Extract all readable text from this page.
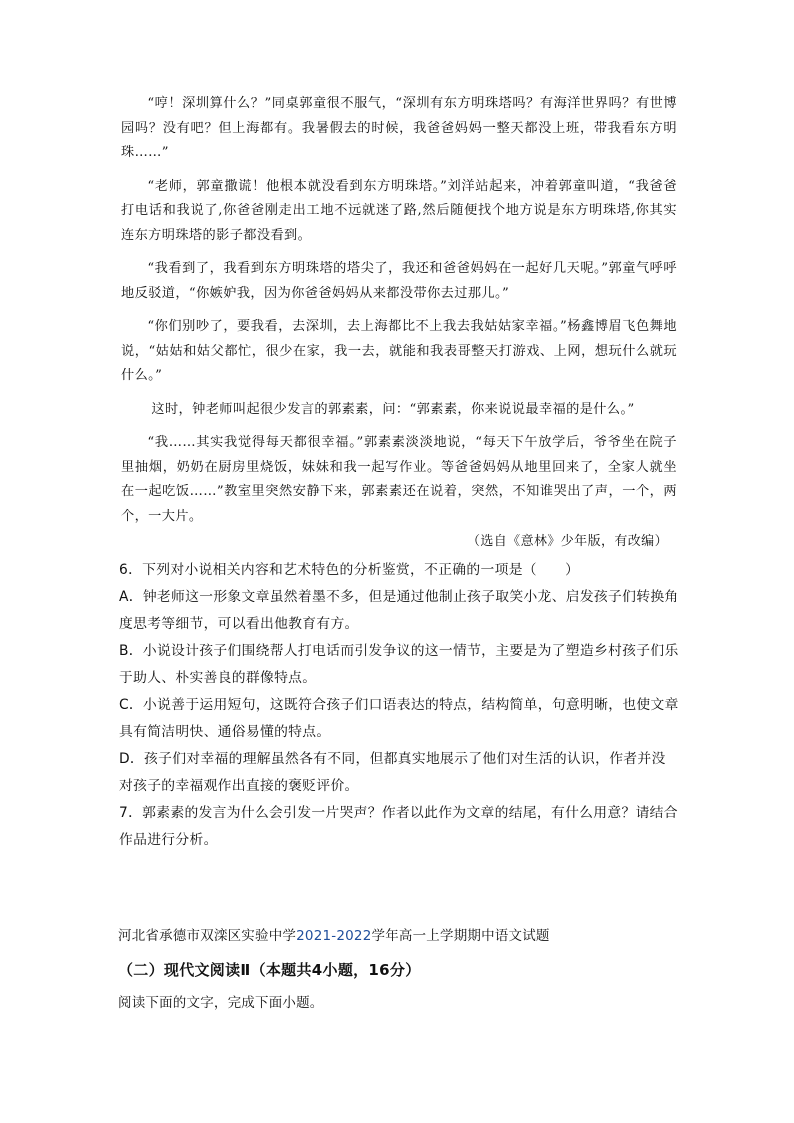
“哼！深圳算什么？”同桌郭童很不服气，“深圳有东方明珠塔吗？有海洋世界吗？有世博园吗？没有吧？但上海都有。我暑假去的时候，我爸爸妈妈一整天都没上班，带我看东方明珠……”

“老师，郭童撒谎！他根本就没看到东方明珠塔。”刘洋站起来，冲着郭童叫道，“我爸爸打电话和我说了,你爸爸刚走出工地不远就迷了路,然后随便找个地方说是东方明珠塔,你其实连东方明珠塔的影子都没看到。

“我看到了，我看到东方明珠塔的塔尖了，我还和爸爸妈妈在一起好几天呢。”郭童气呼呼地反驳道，“你嫉妒我，因为你爸爸妈妈从来都没带你去过那儿。”

“你们别吵了，要我看，去深圳，去上海都比不上我去我姑姑家幸福。”杨鑫博眉飞色舞地说，“姑姑和姑父都忙，很少在家，我一去，就能和我表哥整天打游戏、上网，想玩什么就玩什么。”

这时，钟老师叫起很少发言的郭素素，问：“郭素素，你来说说最幸福的是什么。”

“我……其实我觉得每天都很幸福。”郭素素淡淡地说，“每天下午放学后，爷爷坐在院子里抽烟，奶奶在厨房里烧饭，妹妹和我一起写作业。等爸爸妈妈从地里回来了，全家人就坐在一起吃饭……”教室里突然安静下来，郭素素还在说着，突然，不知谁哭出了声，一个，两个，一大片。

（选自《意林》少年版，有改编）

6．下列对小说相关内容和艺术特色的分析鉴赏，不正确的一项是（　　）

A．钟老师这一形象文章虽然着墨不多，但是通过他制止孩子取笑小龙、启发孩子们转换角度思考等细节，可以看出他教育有方。

B．小说设计孩子们围绕帮人打电话而引发争议的这一情节，主要是为了塑造乡村孩子们乐于助人、朴实善良的群像特点。

C．小说善于运用短句，这既符合孩子们口语表达的特点，结构简单，句意明晰，也使文章具有简洁明快、通俗易懂的特点。

D．孩子们对幸福的理解虽然各有不同，但都真实地展示了他们对生活的认识，作者并没对孩子的幸福观作出直接的褒贬评价。

7．郭素素的发言为什么会引发一片哭声？作者以此作为文章的结尾，有什么用意？请结合作品进行分析。

河北省承德市双滦区实验中学2021-2022学年高一上学期期中语文试题

（二）现代文阅读Ⅱ（本题共4小题，16分）

阅读下面的文字，完成下面小题。
